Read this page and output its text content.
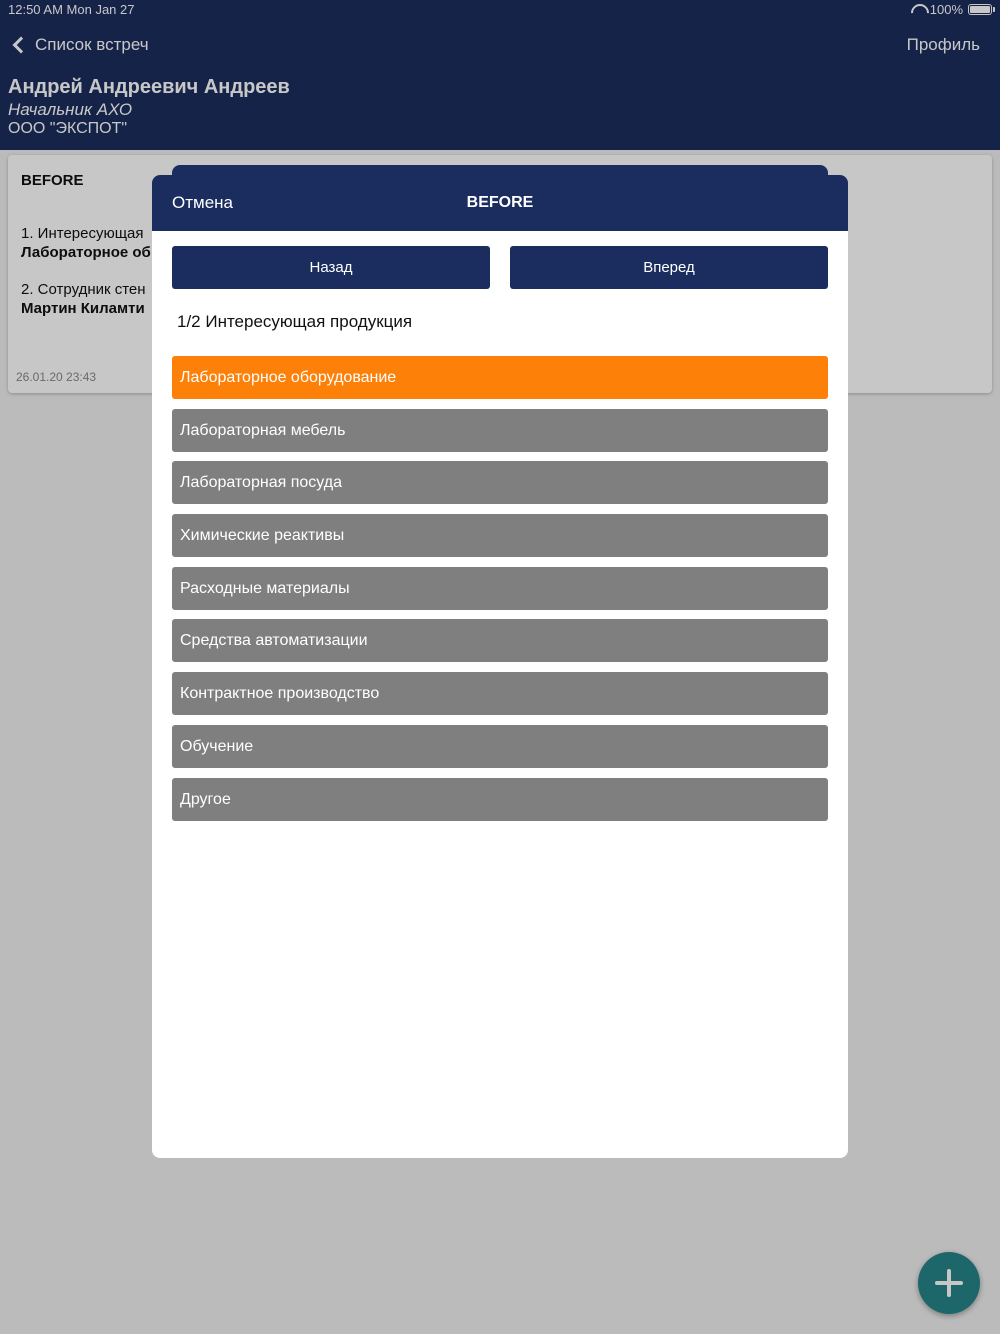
12:50 AM Mon Jan 27	100%
Список встреч	Профиль
Андрей Андреевич Андреев
Начальник АХО
ООО "ЭКСПОТ"
BEFORE
1. Интересующая
Лабораторное об
2. Сотрудник стен
Мартин Киламти
26.01.20 23:43
Отмена	BEFORE
Назад	Вперед
1/2 Интересующая продукция
Лабораторное оборудование
Лабораторная мебель
Лабораторная посуда
Химические реактивы
Расходные материалы
Средства автоматизации
Контрактное производство
Обучение
Другое
